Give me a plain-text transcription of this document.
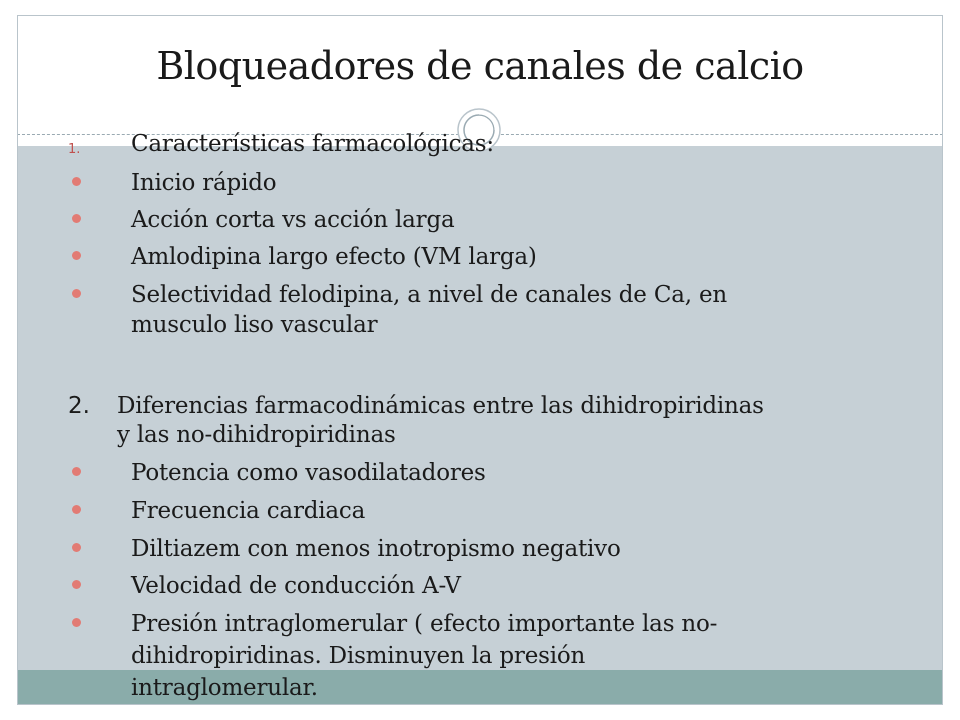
Bloqueadores de canales de calcio
1. Características farmacológicas:
Inicio rápido
Acción corta vs acción larga
Amlodipina largo efecto (VM larga)
Selectividad felodipina, a nivel de canales de Ca, en
musculo liso vascular
2. Diferencias farmacodinámicas entre las dihidropiridinas
y las no-dihidropiridinas
Potencia como vasodilatadores
Frecuencia cardiaca
Diltiazem con menos inotropismo negativo
Velocidad de conducción A-V
Presión intraglomerular ( efecto importante las no-
dihidropiridinas. Disminuyen la presión
intraglomerular.
